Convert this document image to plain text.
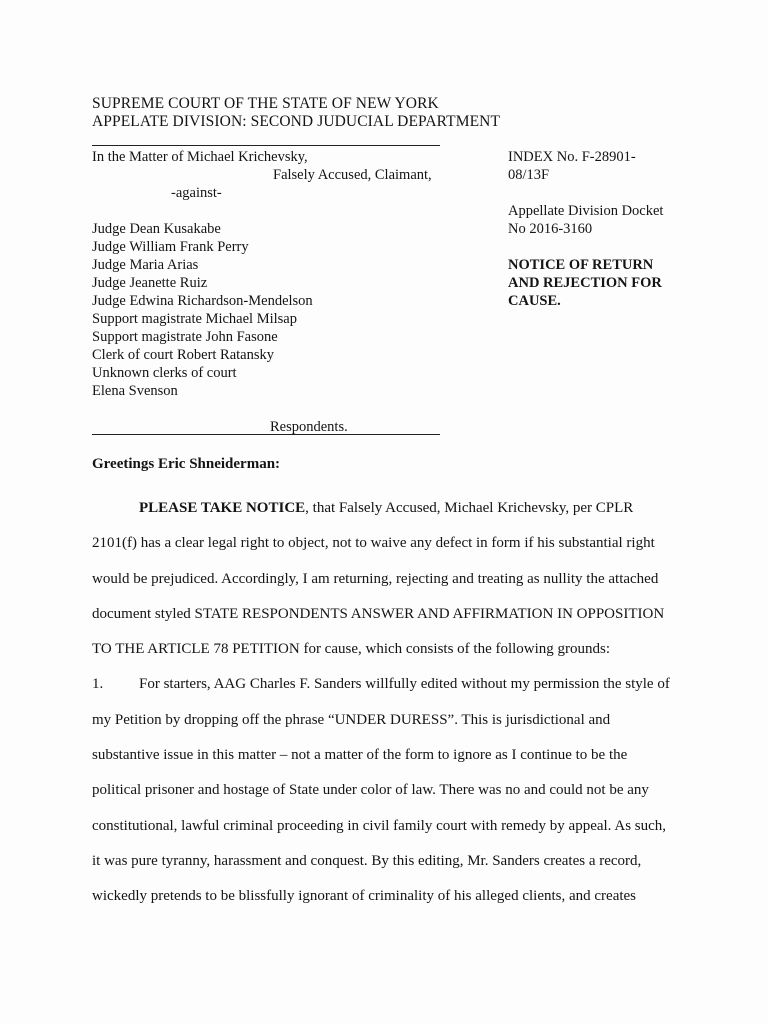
SUPREME COURT OF THE STATE OF NEW YORK
APPELATE DIVISION: SECOND JUDUCIAL DEPARTMENT
In the Matter of Michael Krichevsky,
Falsely Accused, Claimant,
-against-
Judge Dean Kusakabe
Judge William Frank Perry
Judge Maria Arias
Judge Jeanette Ruiz
Judge Edwina Richardson-Mendelson
Support magistrate Michael Milsap
Support magistrate John Fasone
Clerk of court Robert Ratansky
Unknown clerks of court
Elena Svenson
Respondents.
INDEX No. F-28901-
08/13F
Appellate Division Docket
No 2016-3160
NOTICE OF RETURN
AND REJECTION FOR
CAUSE.
Greetings Eric Shneiderman:
PLEASE TAKE NOTICE, that Falsely Accused, Michael Krichevsky, per CPLR
2101(f) has a clear legal right to object, not to waive any defect in form if his substantial right
would be prejudiced. Accordingly, I am returning, rejecting and treating as nullity the attached
document styled STATE RESPONDENTS ANSWER AND AFFIRMATION IN OPPOSITION
TO THE ARTICLE 78 PETITION for cause, which consists of the following grounds:
1. For starters, AAG Charles F. Sanders willfully edited without my permission the style of
my Petition by dropping off the phrase “UNDER DURESS”. This is jurisdictional and
substantive issue in this matter – not a matter of the form to ignore as I continue to be the
political prisoner and hostage of State under color of law. There was no and could not be any
constitutional, lawful criminal proceeding in civil family court with remedy by appeal. As such,
it was pure tyranny, harassment and conquest. By this editing, Mr. Sanders creates a record,
wickedly pretends to be blissfully ignorant of criminality of his alleged clients, and creates
